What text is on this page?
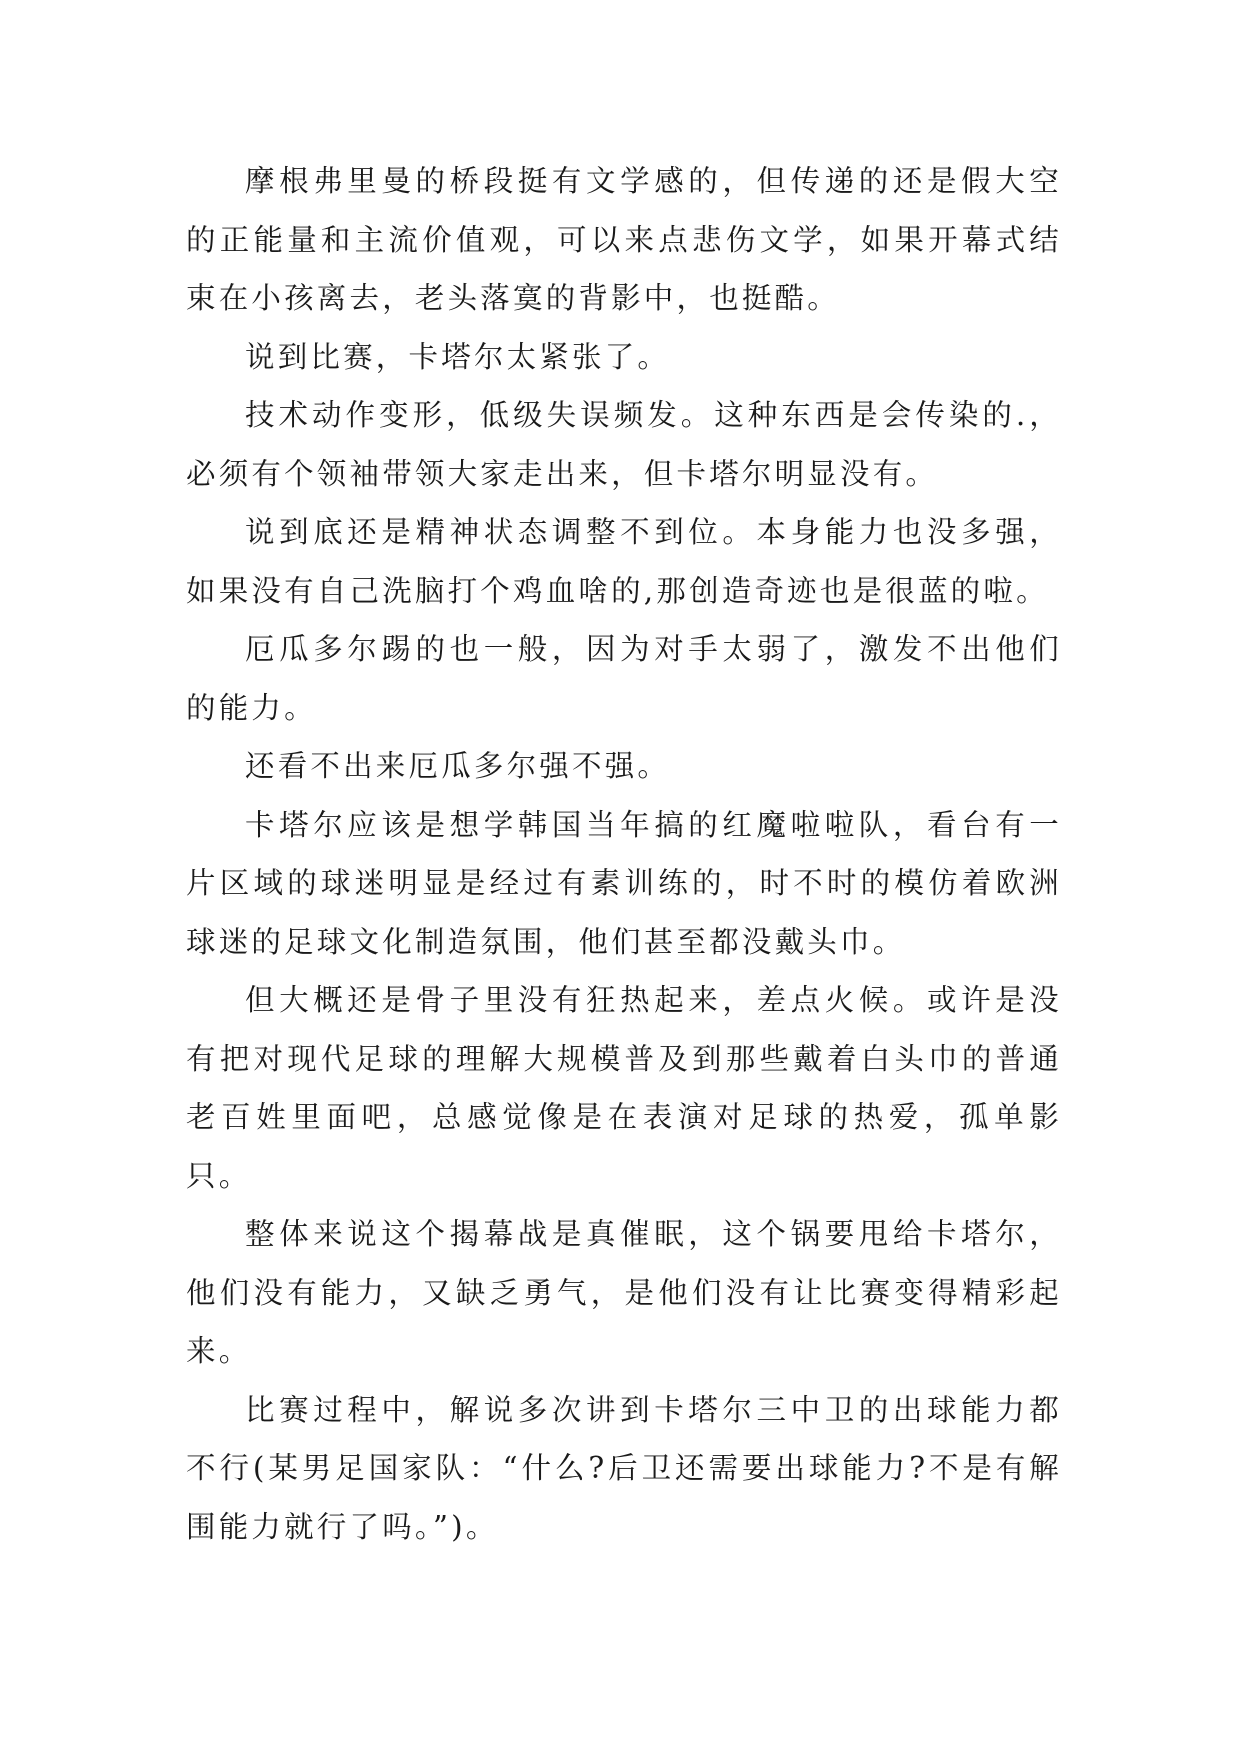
摩根弗里曼的桥段挺有文学感的，但传递的还是假大空的正能量和主流价值观，可以来点悲伤文学，如果开幕式结束在小孩离去，老头落寞的背影中，也挺酷。

说到比赛，卡塔尔太紧张了。

技术动作变形，低级失误频发。这种东西是会传染的.，必须有个领袖带领大家走出来，但卡塔尔明显没有。

说到底还是精神状态调整不到位。本身能力也没多强，如果没有自己洗脑打个鸡血啥的,那创造奇迹也是很蓝的啦。

厄瓜多尔踢的也一般，因为对手太弱了，激发不出他们的能力。

还看不出来厄瓜多尔强不强。

卡塔尔应该是想学韩国当年搞的红魔啦啦队，看台有一片区域的球迷明显是经过有素训练的，时不时的模仿着欧洲球迷的足球文化制造氛围，他们甚至都没戴头巾。

但大概还是骨子里没有狂热起来，差点火候。或许是没有把对现代足球的理解大规模普及到那些戴着白头巾的普通老百姓里面吧，总感觉像是在表演对足球的热爱，孤单影只。

整体来说这个揭幕战是真催眠，这个锅要甩给卡塔尔，他们没有能力，又缺乏勇气，是他们没有让比赛变得精彩起来。

比赛过程中，解说多次讲到卡塔尔三中卫的出球能力都不行(某男足国家队：“什么?后卫还需要出球能力?不是有解围能力就行了吗。”)。
